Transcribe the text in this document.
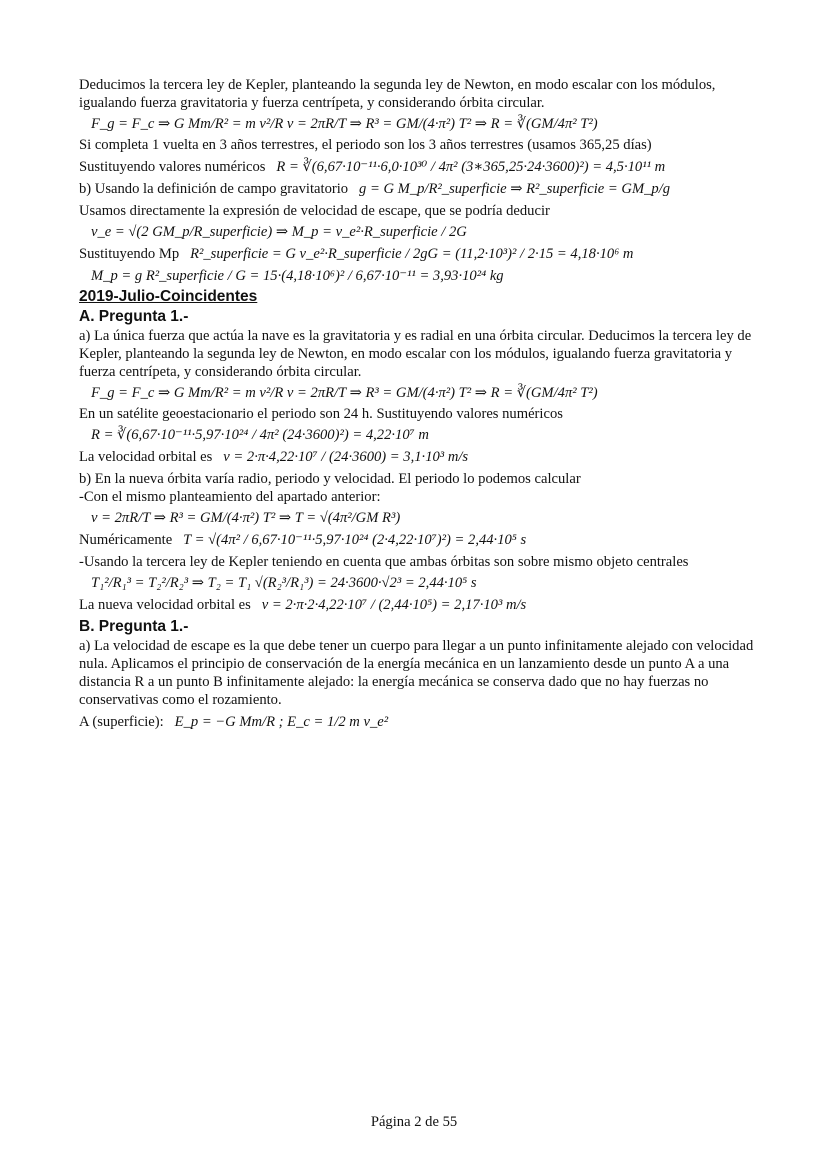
Deducimos la tercera ley de Kepler, planteando la segunda ley de Newton, en modo escalar con los módulos, igualando fuerza gravitatoria y fuerza centrípeta, y considerando órbita circular.

F_g = F_c ⇒ G Mm/R² = m v²/R v = 2πR/T ⇒ R³ = GM/(4·π²) T² ⇒ R = ∛(GM/4π² T²)

Si completa 1 vuelta en 3 años terrestres, el periodo son los 3 años terrestres (usamos 365,25 días)

Sustituyendo valores numéricos R = ∛(6,67·10⁻¹¹·6,0·10³⁰ / 4π² (3∗365,25·24·3600)²) = 4,5·10¹¹ m
b) Usando la definición de campo gravitatorio g = G M_p/R²_superficie ⇒ R²_superficie = GM_p/g

Usamos directamente la expresión de velocidad de escape, que se podría deducir

v_e = √(2 GM_p/R_superficie) ⇒ M_p = v_e²·R_superficie / 2G
Sustituyendo Mp R²_superficie = G v_e²·R_superficie / 2gG = (11,2·10³)² / 2·15 = 4,18·10⁶ m
M_p = g R²_superficie / G = 15·(4,18·10⁶)² / 6,67·10⁻¹¹ = 3,93·10²⁴ kg
2019-Julio-Coincidentes
A. Pregunta 1.-

a) La única fuerza que actúa la nave es la gravitatoria y es radial en una órbita circular. Deducimos la tercera ley de Kepler, planteando la segunda ley de Newton, en modo escalar con los módulos, igualando fuerza gravitatoria y fuerza centrípeta, y considerando órbita circular.

F_g = F_c ⇒ G Mm/R² = m v²/R v = 2πR/T ⇒ R³ = GM/(4·π²) T² ⇒ R = ∛(GM/4π² T²)

En un satélite geoestacionario el periodo son 24 h. Sustituyendo valores numéricos

R = ∛(6,67·10⁻¹¹·5,97·10²⁴ / 4π² (24·3600)²) = 4,22·10⁷ m
La velocidad orbital es v = 2·π·4,22·10⁷ / (24·3600) = 3,1·10³ m/s

b) En la nueva órbita varía radio, periodo y velocidad. El periodo lo podemos calcular

-Con el mismo planteamiento del apartado anterior:

v = 2πR/T ⇒ R³ = GM/(4·π²) T² ⇒ T = √(4π²/GM R³)
Numéricamente T = √(4π² / 6,67·10⁻¹¹·5,97·10²⁴ (2·4,22·10⁷)²) = 2,44·10⁵ s

-Usando la tercera ley de Kepler teniendo en cuenta que ambas órbitas son sobre mismo objeto centrales

T₁²/R₁³ = T₂²/R₂³ ⇒ T₂ = T₁ √(R₂³/R₁³) = 24·3600·√2³ = 2,44·10⁵ s
La nueva velocidad orbital es v = 2·π·2·4,22·10⁷ / (2,44·10⁵) = 2,17·10³ m/s
B. Pregunta 1.-

a) La velocidad de escape es la que debe tener un cuerpo para llegar a un punto infinitamente alejado con velocidad nula. Aplicamos el principio de conservación de la energía mecánica en un lanzamiento desde un punto A a una distancia R a un punto B infinitamente alejado: la energía mecánica se conserva dado que no hay fuerzas no conservativas como el rozamiento.

A (superficie): E_p = −G Mm/R ; E_c = 1/2 m v_e²
Página 2 de 55
